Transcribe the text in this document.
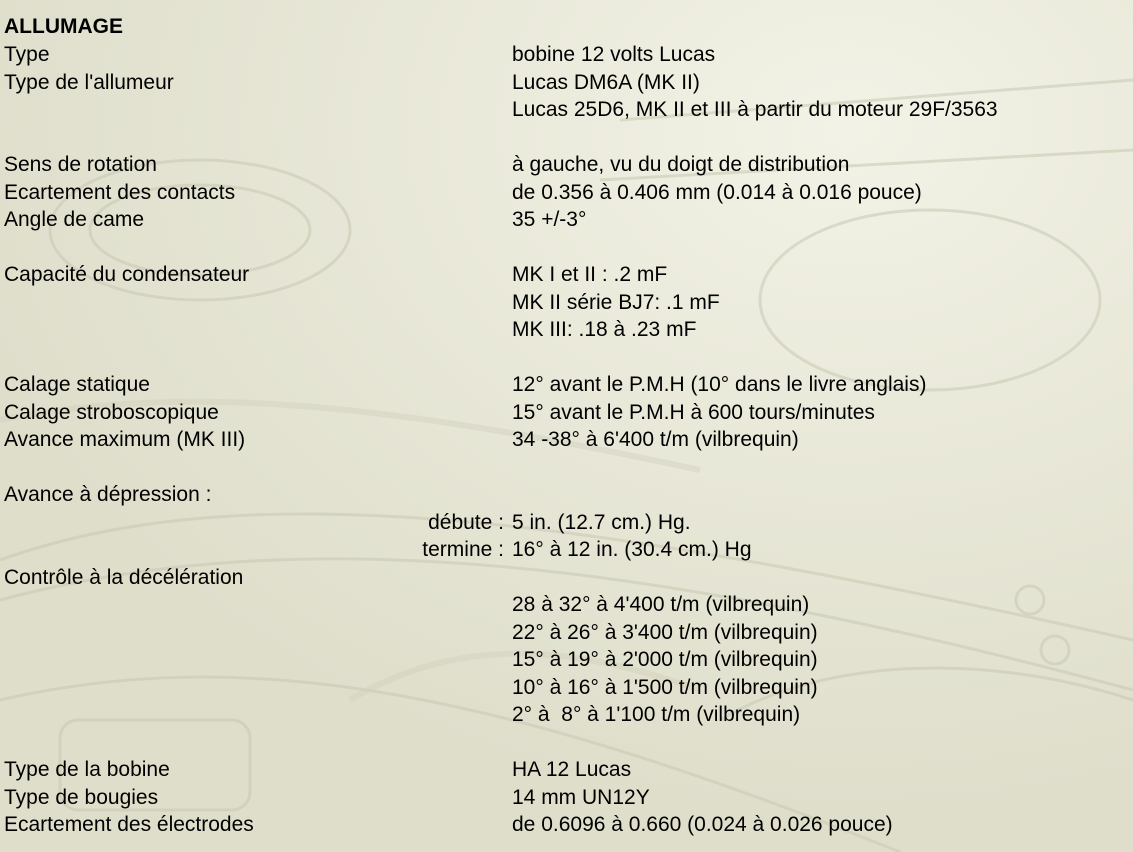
ALLUMAGE
Type	bobine 12 volts Lucas
Type de l'allumeur	Lucas DM6A (MK II)
Lucas 25D6, MK II et III à partir du moteur 29F/3563
Sens de rotation	à gauche, vu du doigt de distribution
Ecartement des contacts	de 0.356 à 0.406 mm (0.014 à 0.016 pouce)
Angle de came	35 +/-3°
Capacité du condensateur	MK I et II : .2 mF
MK II série BJ7: .1 mF
MK III: .18 à .23 mF
Calage statique	12° avant le P.M.H (10° dans le livre anglais)
Calage stroboscopique	15° avant le P.M.H à 600 tours/minutes
Avance maximum (MK III)	34 -38° à 6'400 t/m (vilbrequin)
Avance à dépression :
débute : 5 in. (12.7 cm.) Hg.
termine : 16° à 12 in. (30.4 cm.) Hg
Contrôle à la décélération
28 à 32° à 4'400 t/m (vilbrequin)
22° à 26° à 3'400 t/m (vilbrequin)
15° à 19° à 2'000 t/m (vilbrequin)
10° à 16° à 1'500 t/m (vilbrequin)
2° à  8° à 1'100 t/m (vilbrequin)
Type de la bobine	HA 12 Lucas
Type de bougies	14 mm UN12Y
Ecartement des électrodes	de 0.6096 à 0.660 (0.024 à 0.026 pouce)
